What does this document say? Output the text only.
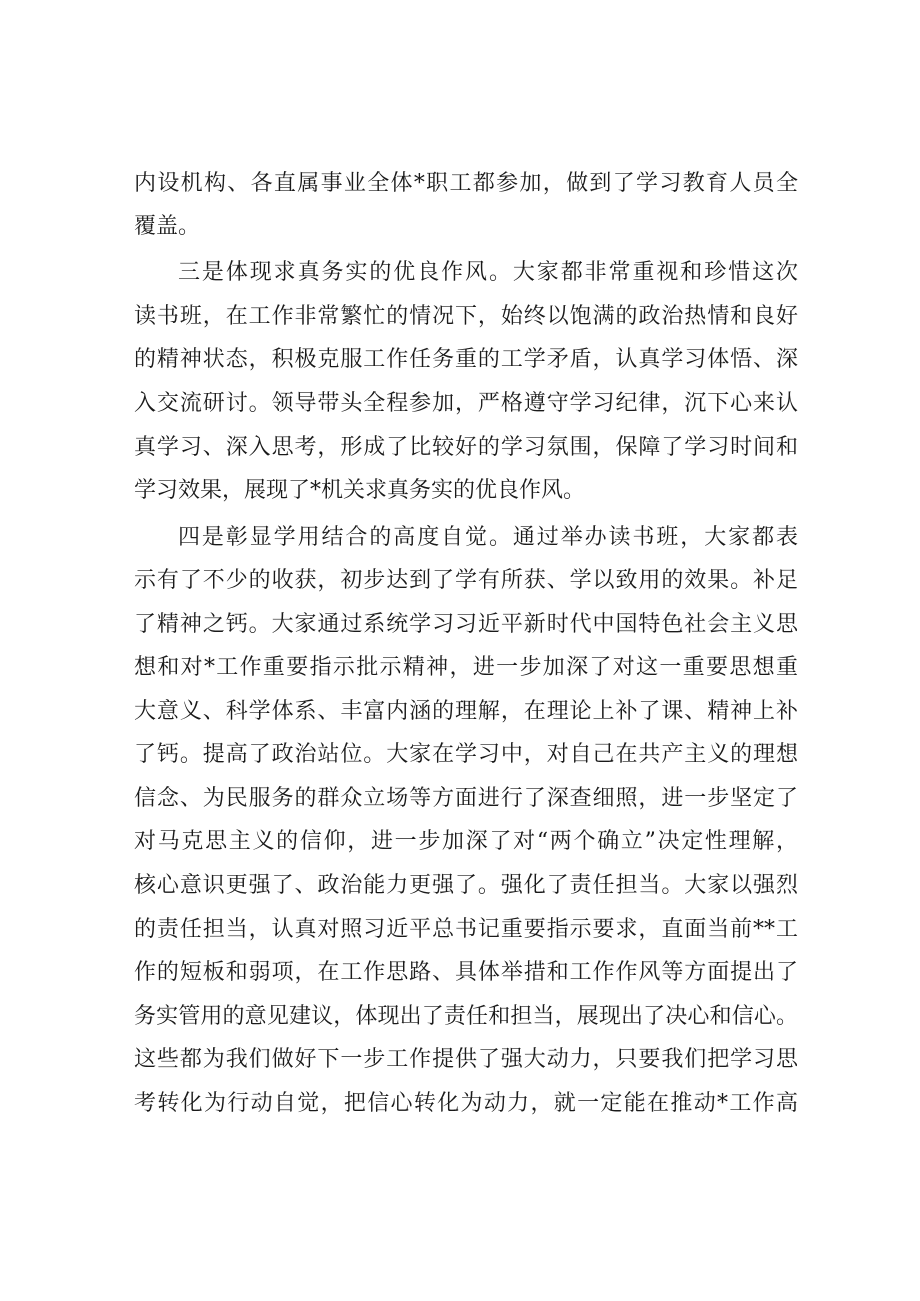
内设机构、各直属事业全体*职工都参加，做到了学习教育人员全
覆盖。
三是体现求真务实的优良作风。大家都非常重视和珍惜这次
读书班，在工作非常繁忙的情况下，始终以饱满的政治热情和良好
的精神状态，积极克服工作任务重的工学矛盾，认真学习体悟、深
入交流研讨。领导带头全程参加，严格遵守学习纪律，沉下心来认
真学习、深入思考，形成了比较好的学习氛围，保障了学习时间和
学习效果，展现了*机关求真务实的优良作风。
四是彰显学用结合的高度自觉。通过举办读书班，大家都表
示有了不少的收获，初步达到了学有所获、学以致用的效果。补足
了精神之钙。大家通过系统学习习近平新时代中国特色社会主义思
想和对*工作重要指示批示精神，进一步加深了对这一重要思想重
大意义、科学体系、丰富内涵的理解，在理论上补了课、精神上补
了钙。提高了政治站位。大家在学习中，对自己在共产主义的理想
信念、为民服务的群众立场等方面进行了深查细照，进一步坚定了
对马克思主义的信仰，进一步加深了对“两个确立”决定性理解，
核心意识更强了、政治能力更强了。强化了责任担当。大家以强烈
的责任担当，认真对照习近平总书记重要指示要求，直面当前**工
作的短板和弱项，在工作思路、具体举措和工作作风等方面提出了
务实管用的意见建议，体现出了责任和担当，展现出了决心和信心。
这些都为我们做好下一步工作提供了强大动力，只要我们把学习思
考转化为行动自觉，把信心转化为动力，就一定能在推动*工作高
